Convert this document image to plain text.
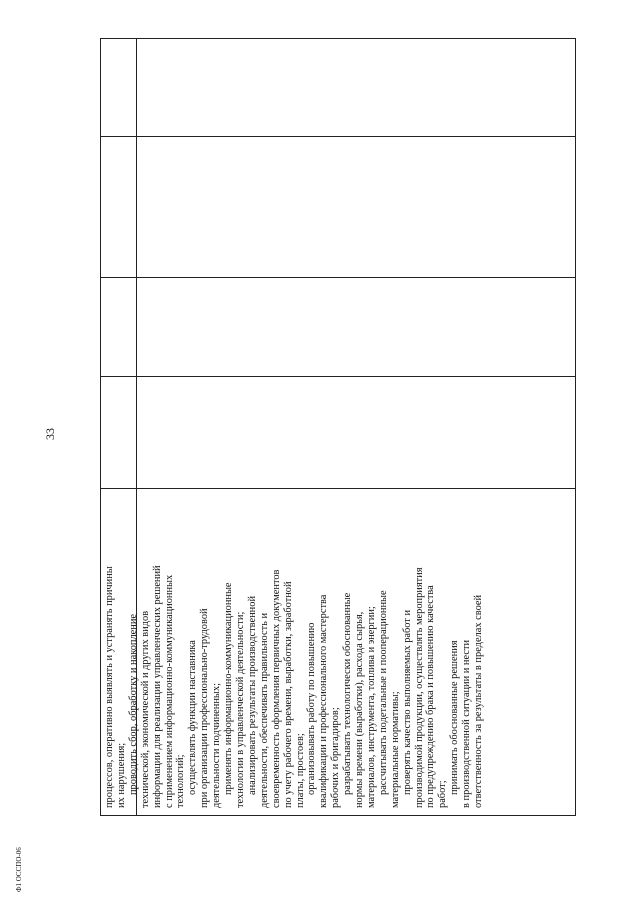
33
Ф1 ОССПО-06
процессов, оперативно выявлять и устранять причины их нарушения; проводить сбор, обработку и накопление технической, экономической и других видов информации для реализации управленческих решений с применением информационно-коммуникационных технологий; осуществлять функции наставника при организации профессионально-трудовой деятельности подчиненных; применять информационно-коммуникационные технологии в управленческой деятельности; анализировать результаты производственной деятельности, обеспечивать правильность и своевременность оформления первичных документов по учету рабочего времени, выработки, заработной платы, простоев; организовывать работу по повышению квалификации и профессионального мастерства рабочих и бригадиров; разрабатывать технологически обоснованные нормы времени (выработки), расхода сырья, материалов, инструмента, топлива и энергии; рассчитывать подетальные и пооперационные материальные нормативы; проверять качество выполняемых работ и производимой продукции, осуществлять мероприятия по предупреждению брака и повышению качества работ; принимать обоснованные решения в производственной ситуации и нести ответственность за результаты в пределах своей
